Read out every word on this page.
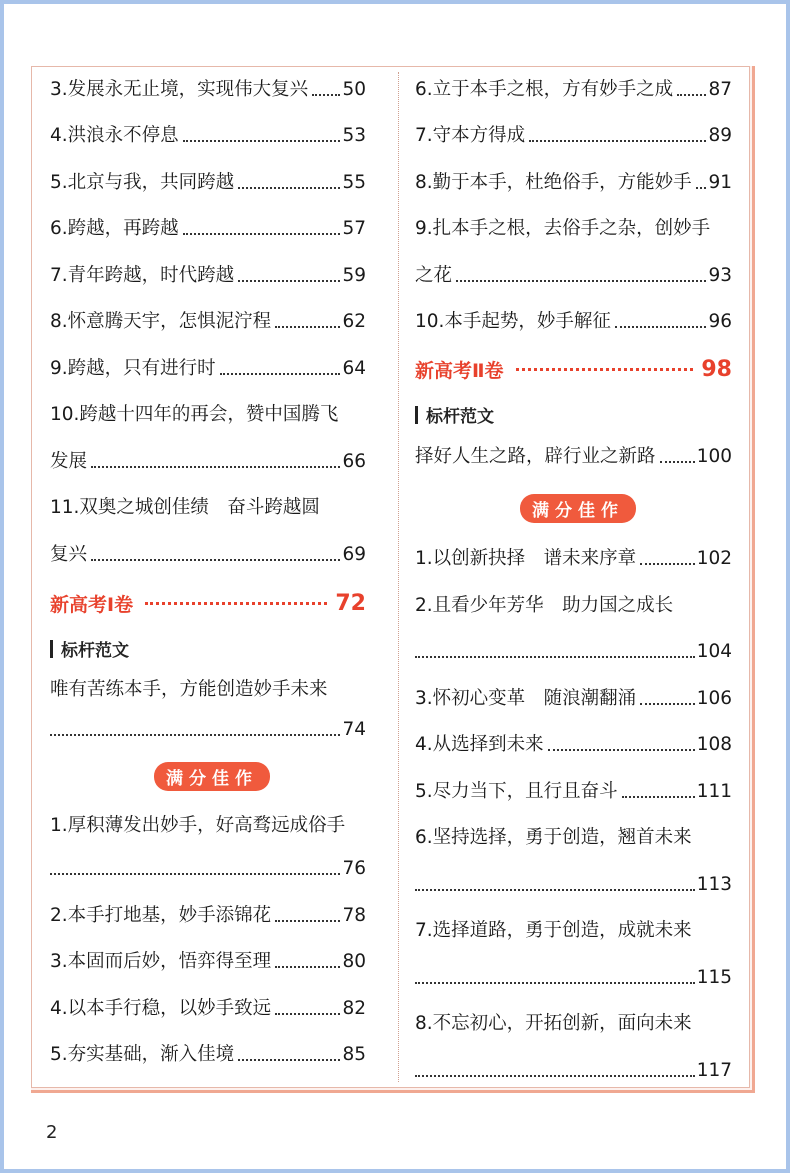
3.发展永无止境，实现伟大复兴 50
4.洪浪永不停息	53
5.北京与我，共同跨越	55
6.跨越，再跨越	57
7.青年跨越，时代跨越	59
8.怀意腾天宇，怎惧泥泞程	62
9.跨越，只有进行时	64
10.跨越十四年的再会，赞中国腾飞
发展	66
11.双奥之城创佳绩　奋斗跨越圆
复兴	69
新高考Ⅰ卷	72
标杆范文
唯有苦练本手，方能创造妙手未来
74
满分佳作
1.厚积薄发出妙手，好高骛远成俗手
76
2.本手打地基，妙手添锦花	78
3.本固而后妙，悟弈得至理	80
4.以本手行稳，以妙手致远	82
5.夯实基础，渐入佳境	85
6.立于本手之根，方有妙手之成 87
7.守本方得成	89
8.勤于本手，杜绝俗手，方能妙手 91
9.扎本手之根，去俗手之杂，创妙手
之花	93
10.本手起势，妙手解征	96
新高考Ⅱ卷	98
标杆范文
择好人生之路，辟行业之新路 100
满分佳作
1.以创新抉择　谱未来序章	102
2.且看少年芳华　助力国之成长
104
3.怀初心变革　随浪潮翻涌	106
4.从选择到未来	108
5.尽力当下，且行且奋斗	111
6.坚持选择，勇于创造，翘首未来
113
7.选择道路，勇于创造，成就未来
115
8.不忘初心，开拓创新，面向未来
117
2
